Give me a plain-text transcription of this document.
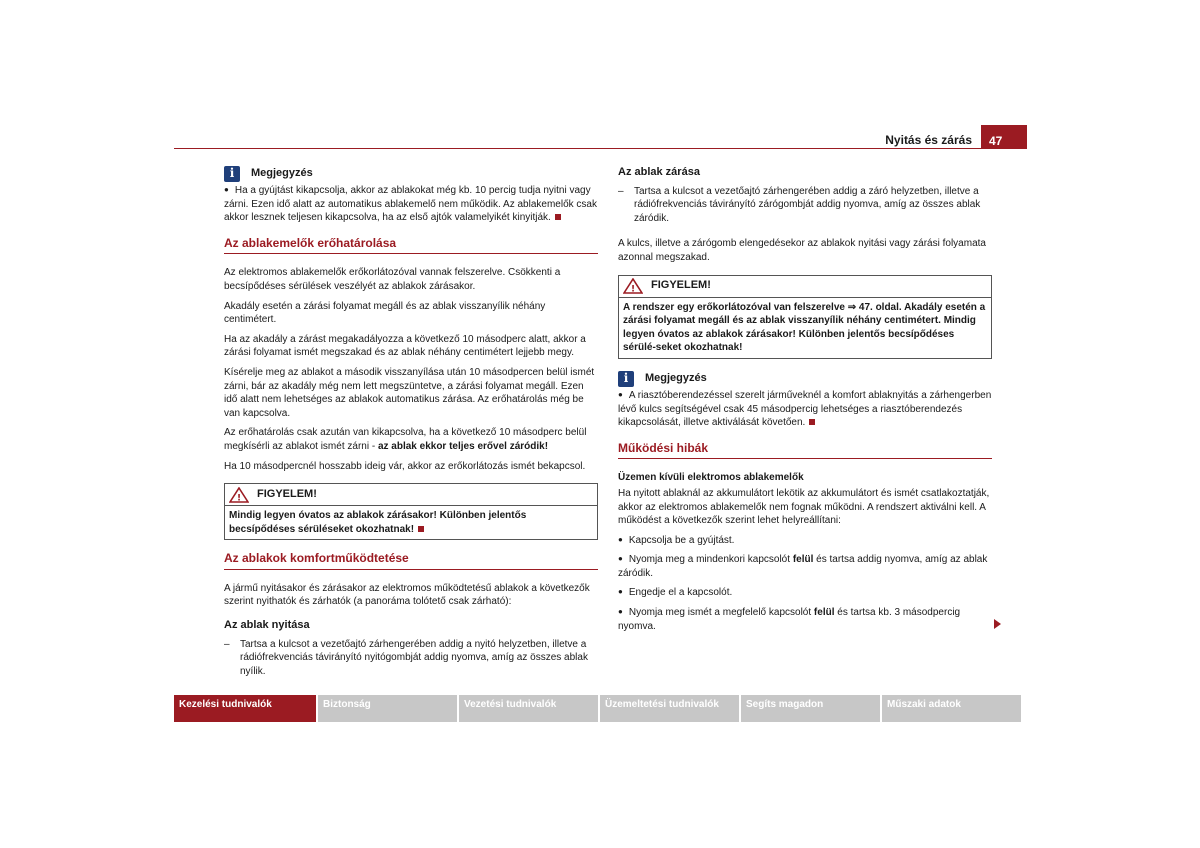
Nyitás és zárás	47
i	Megjegyzés

● Ha a gyújtást kikapcsolja, akkor az ablakokat még kb. 10 percig tudja nyitni vagy zárni. Ezen idő alatt az automatikus ablakemelő nem működik. Az ablakemelők csak akkor lesznek teljesen kikapcsolva, ha az első ajtók valamelyikét kinyitják.

Az ablakemelők erőhatárolása

Az elektromos ablakemelők erőkorlátozóval vannak felszerelve. Csökkenti a becsípődéses sérülések veszélyét az ablakok zárásakor.

Akadály esetén a zárási folyamat megáll és az ablak visszanyílik néhány centimétert.

Ha az akadály a zárást megakadályozza a következő 10 másodperc alatt, akkor a zárási folyamat ismét megszakad és az ablak néhány centimétert lejjebb megy.

Kísérelje meg az ablakot a második visszanyílása után 10 másodpercen belül ismét zárni, bár az akadály még nem lett megszüntetve, a zárási folyamat megáll. Ezen idő alatt nem lehetséges az ablakok automatikus zárása. Az erőhatárolás még be van kapcsolva.

Az erőhatárolás csak azután van kikapcsolva, ha a következő 10 másodperc belül megkísérli az ablakot ismét zárni - az ablak ekkor teljes erővel záródik!

Ha 10 másodpercnél hosszabb ideig vár, akkor az erőkorlátozás ismét bekapcsol.

! FIGYELEM!
Mindig legyen óvatos az ablakok zárásakor! Különben jelentős becsípődéses sérüléseket okozhatnak!
Az ablakok komfortműködtetése

A jármű nyitásakor és zárásakor az elektromos működtetésű ablakok a következők szerint nyithatók és zárhatók (a panoráma tolótető csak zárható):

Az ablak nyitása

– Tartsa a kulcsot a vezetőajtó zárhengerében addig a nyitó helyzetben, illetve a rádiófrekvenciás távirányító nyitógombját addig nyomva, amíg az összes ablak nyílik.

Az ablak zárása

– Tartsa a kulcsot a vezetőajtó zárhengerében addig a záró helyzetben, illetve a rádiófrekvenciás távirányító zárógombját addig nyomva, amíg az összes ablak záródik.

A kulcs, illetve a zárógomb elengedésekor az ablakok nyitási vagy zárási folyamata azonnal megszakad.

! FIGYELEM!
A rendszer egy erőkorlátozóval van felszerelve ⇒ 47. oldal. Akadály esetén a zárási folyamat megáll és az ablak visszanyílik néhány centimétert. Mindig legyen óvatos az ablakok zárásakor! Különben jelentős becsípődéses sérülé-seket okozhatnak!
i	Megjegyzés

● A riasztóberendezéssel szerelt járműveknél a komfort ablaknyitás a zárhengerben lévő kulcs segítségével csak 45 másodpercig lehetséges a riasztóberendezés kikapcsolását, illetve aktiválását követően.

Működési hibák
Üzemen kívüli elektromos ablakemelők

Ha nyitott ablaknál az akkumulátort lekötik az akkumulátort és ismét csatlakoztatják, akkor az elektromos ablakemelők nem fognak működni. A rendszert aktiválni kell. A működést a következők szerint lehet helyreállítani:

● Kapcsolja be a gyújtást.

● Nyomja meg a mindenkori kapcsolót felül és tartsa addig nyomva, amíg az ablak záródik.

● Engedje el a kapcsolót.

● Nyomja meg ismét a megfelelő kapcsolót felül és tartsa kb. 3 másodpercig nyomva.

Kezelési tudnivalók	Biztonság	Vezetési tudnivalók	Üzemeltetési tudnivalók	Segíts magadon	Műszaki adatok
